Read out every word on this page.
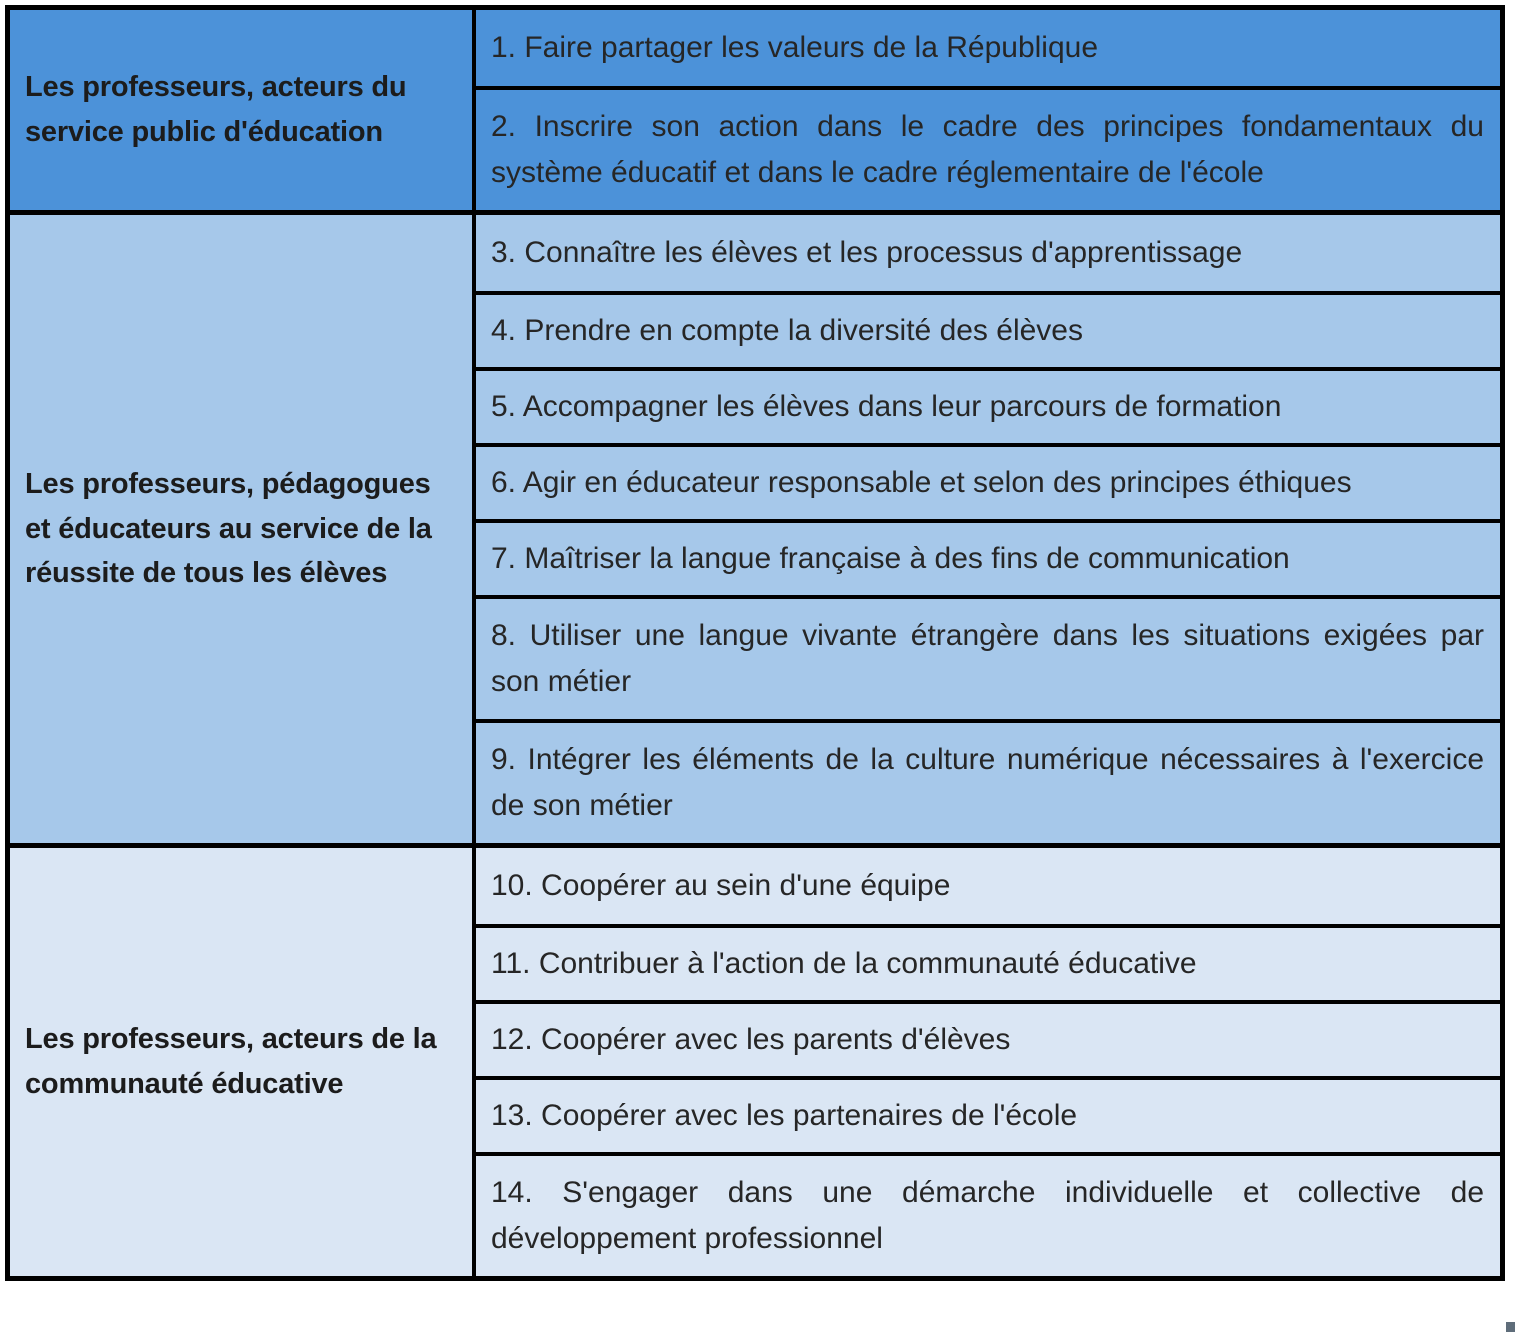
Les professeurs, acteurs du service public d'éducation
1. Faire partager les valeurs de la République
2. Inscrire son action dans le cadre des principes fondamentaux du système éducatif et dans le cadre réglementaire de l'école
Les professeurs, pédagogues et éducateurs au service de la réussite de tous les élèves
3. Connaître les élèves et les processus d'apprentissage
4. Prendre en compte la diversité des élèves
5. Accompagner les élèves dans leur parcours de formation
6. Agir en éducateur responsable et selon des principes éthiques
7. Maîtriser la langue française à des fins de communication
8. Utiliser une langue vivante étrangère dans les situations exigées par son métier
9. Intégrer les éléments de la culture numérique nécessaires à l'exercice de son métier
Les professeurs, acteurs de la communauté éducative
10. Coopérer au sein d'une équipe
11. Contribuer à l'action de la communauté éducative
12. Coopérer avec les parents d'élèves
13. Coopérer avec les partenaires de l'école
14. S'engager dans une démarche individuelle et collective de développement professionnel
